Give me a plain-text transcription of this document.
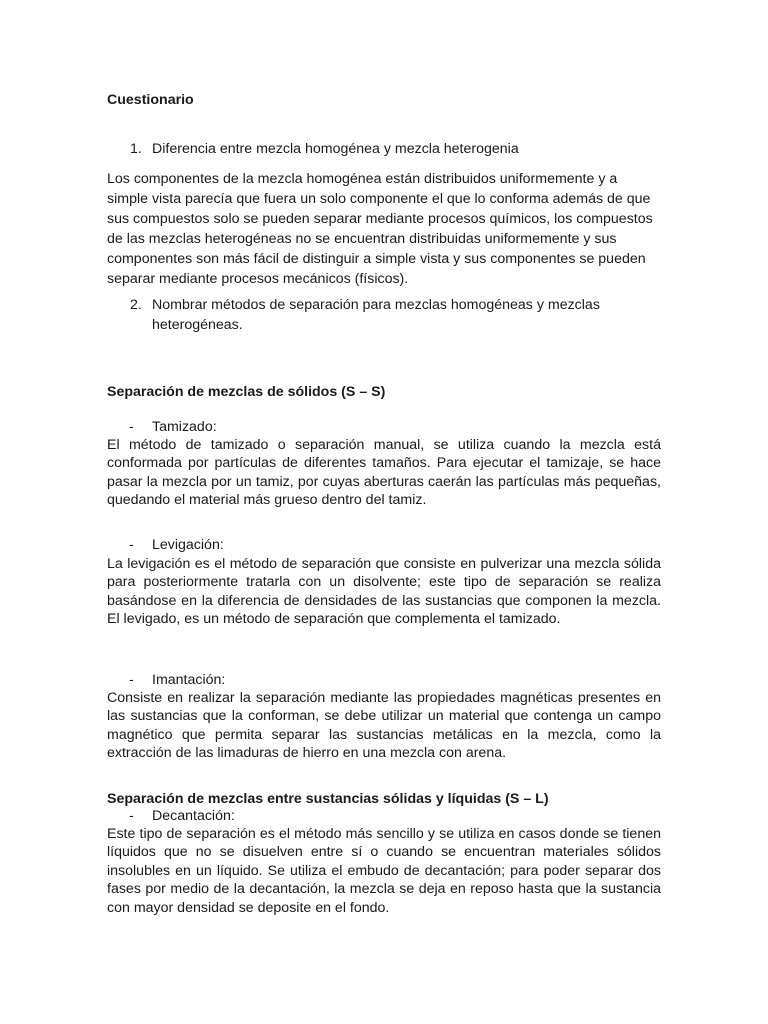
Cuestionario
1. Diferencia entre mezcla homogénea y mezcla heterogenia
Los componentes de la mezcla homogénea están distribuidos uniformemente y a simple vista parecía que fuera un solo componente el que lo conforma además de que sus compuestos solo se pueden separar mediante procesos químicos, los compuestos de las mezclas heterogéneas no se encuentran distribuidas uniformemente y sus componentes son más fácil de distinguir a simple vista y sus componentes se pueden separar mediante procesos mecánicos (físicos).
2. Nombrar métodos de separación para mezclas homogéneas y mezclas heterogéneas.
Separación de mezclas de sólidos (S – S)
- Tamizado:
El método de tamizado o separación manual, se utiliza cuando la mezcla está conformada por partículas de diferentes tamaños. Para ejecutar el tamizaje, se hace pasar la mezcla por un tamiz, por cuyas aberturas caerán las partículas más pequeñas, quedando el material más grueso dentro del tamiz.
- Levigación:
La levigación es el método de separación que consiste en pulverizar una mezcla sólida para posteriormente tratarla con un disolvente; este tipo de separación se realiza basándose en la diferencia de densidades de las sustancias que componen la mezcla. El levigado, es un método de separación que complementa el tamizado.
- Imantación:
Consiste en realizar la separación mediante las propiedades magnéticas presentes en las sustancias que la conforman, se debe utilizar un material que contenga un campo magnético que permita separar las sustancias metálicas en la mezcla, como la extracción de las limaduras de hierro en una mezcla con arena.
Separación de mezclas entre sustancias sólidas y líquidas (S – L)
- Decantación:
Este tipo de separación es el método más sencillo y se utiliza en casos donde se tienen líquidos que no se disuelven entre sí o cuando se encuentran materiales sólidos insolubles en un líquido. Se utiliza el embudo de decantación; para poder separar dos fases por medio de la decantación, la mezcla se deja en reposo hasta que la sustancia con mayor densidad se deposite en el fondo.
